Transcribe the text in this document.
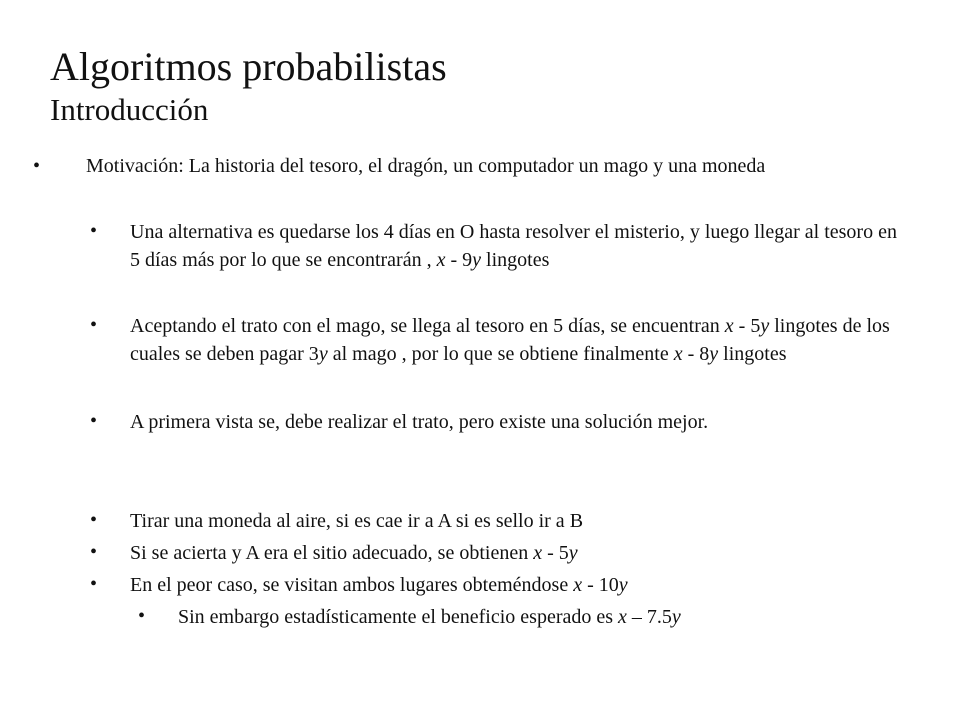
Algoritmos probabilistas
Introducción
• Motivación: La historia del tesoro, el dragón, un computador un mago y una moneda
• Una alternativa es quedarse los 4 días en O hasta resolver el misterio, y luego llegar al tesoro en 5 días más por lo que se encontrarán , x - 9y lingotes
• Aceptando el trato con el mago, se llega al tesoro en 5 días, se encuentran x - 5y lingotes de los cuales se deben pagar 3y al mago , por lo que se obtiene finalmente x - 8y lingotes
• A primera vista se, debe realizar el trato, pero existe una solución mejor.
• Tirar una moneda al aire, si es cae ir a A si es sello ir a B
• Si se acierta y A era el sitio adecuado, se obtienen x - 5y
• En el peor caso, se visitan ambos lugares obteméndose x - 10y
• Sin embargo estadísticamente el beneficio esperado es x – 7.5y
